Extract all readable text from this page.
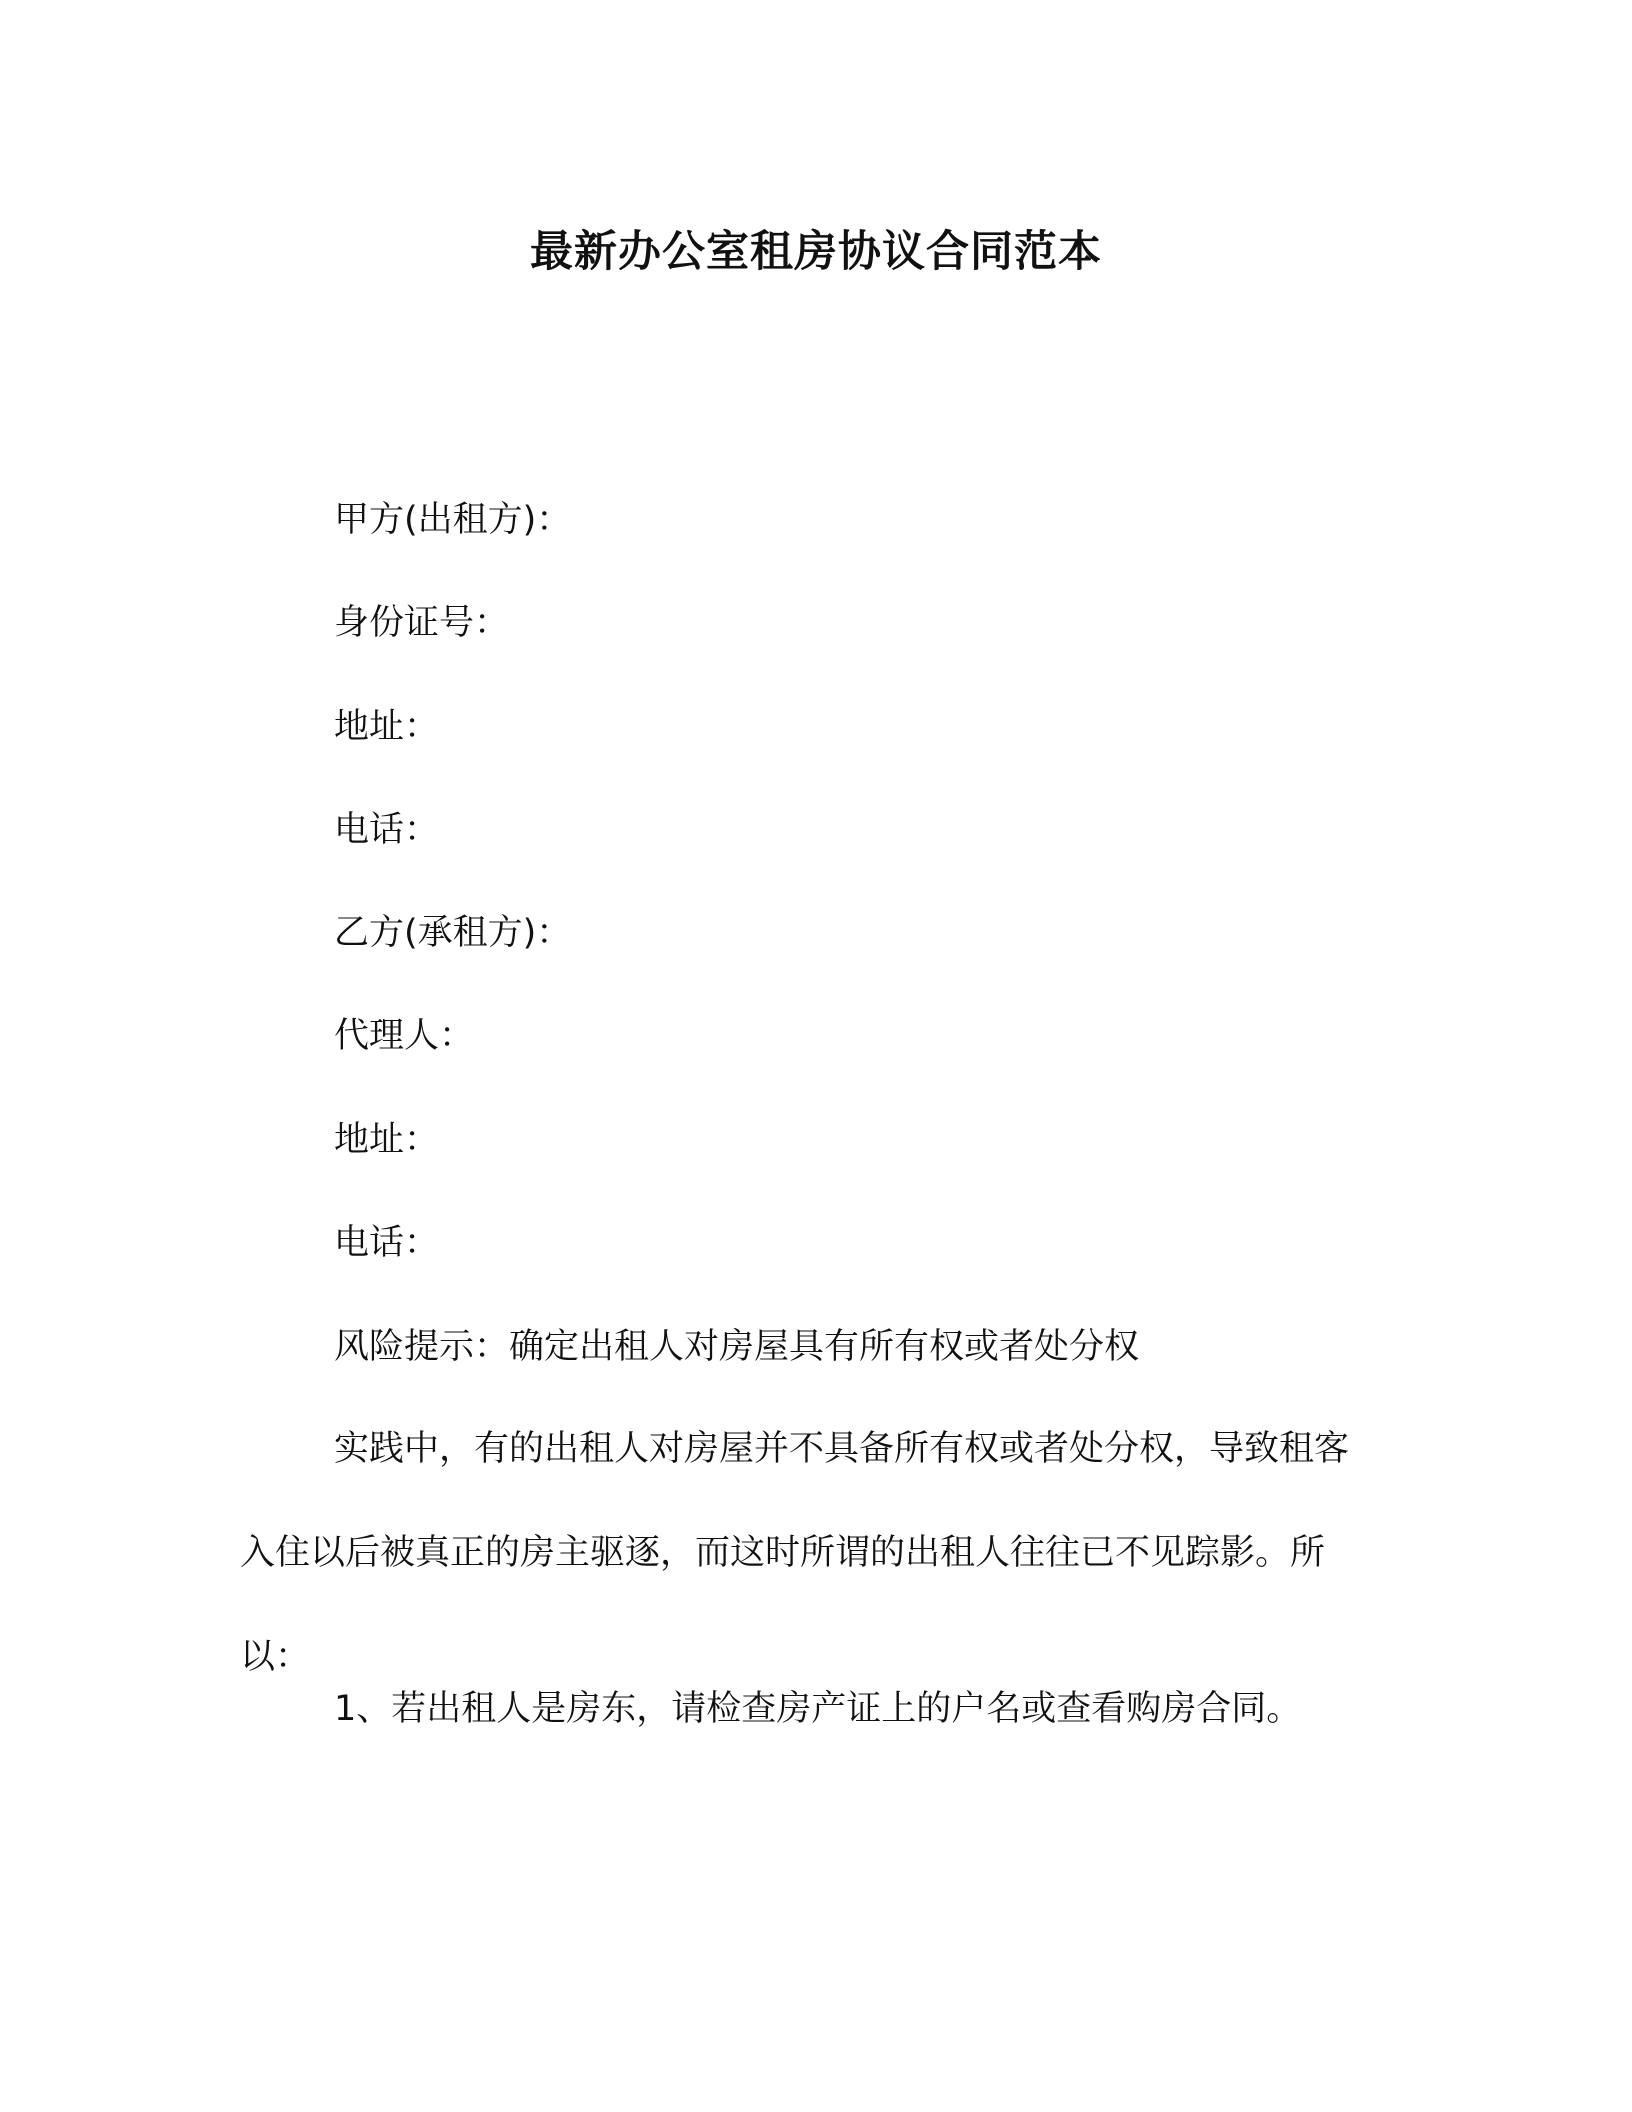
最新办公室租房协议合同范本
甲方(出租方)：
身份证号：
地址：
电话：
乙方(承租方)：
代理人：
地址：
电话：
风险提示：确定出租人对房屋具有所有权或者处分权

实践中，有的出租人对房屋并不具备所有权或者处分权，导致租客入住以后被真正的房主驱逐，而这时所谓的出租人往往已不见踪影。所以：

1、若出租人是房东，请检查房产证上的户名或查看购房合同。
